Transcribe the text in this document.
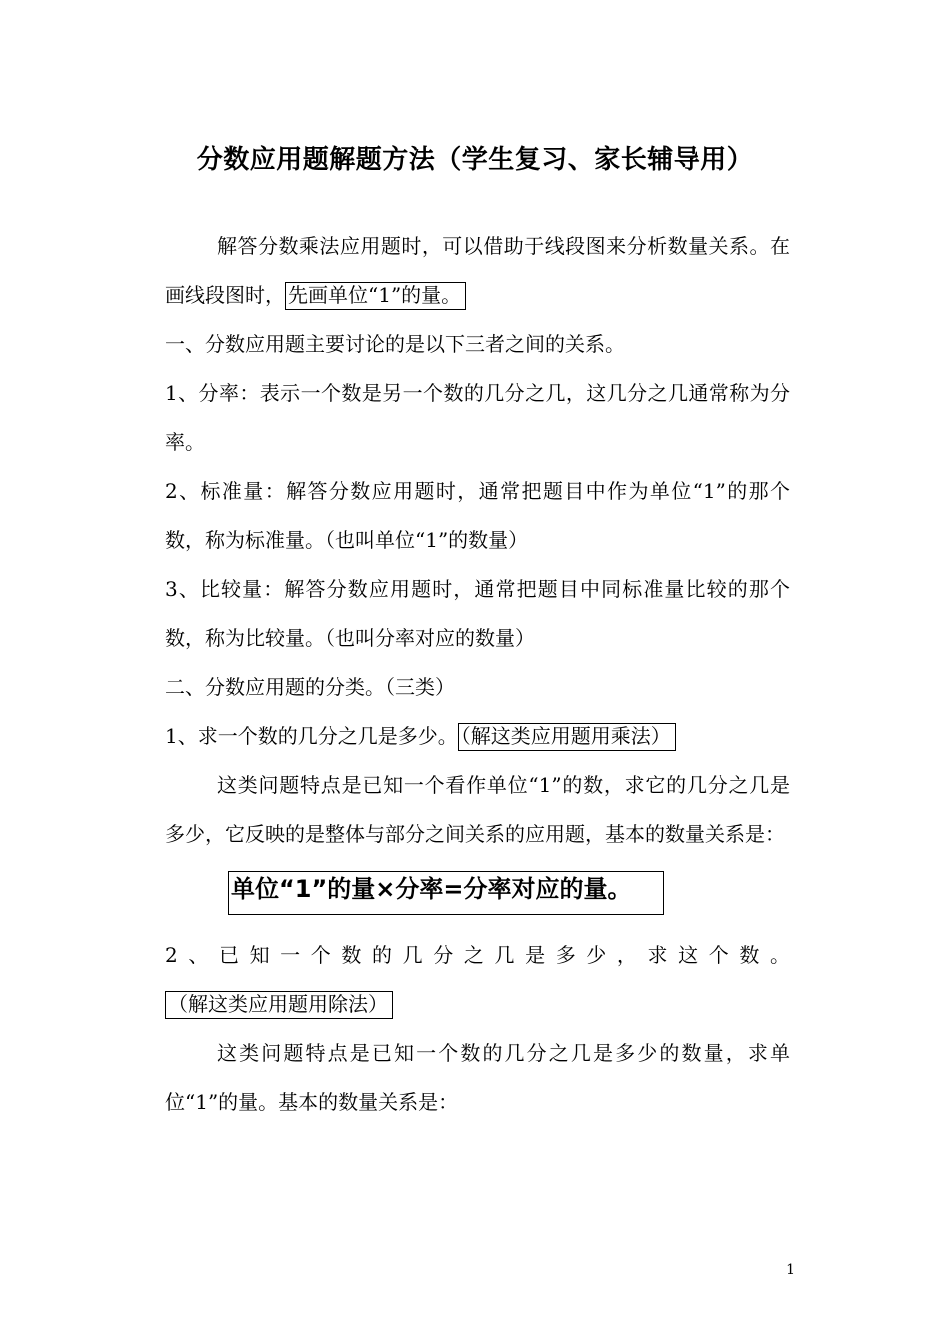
分数应用题解题方法（学生复习、家长辅导用）

解答分数乘法应用题时，可以借助于线段图来分析数量关系。在画线段图时， 先画单位“1”的量。

一、分数应用题主要讨论的是以下三者之间的关系。

1、分率：表示一个数是另一个数的几分之几，这几分之几通常称为分率。

2、标准量：解答分数应用题时，通常把题目中作为单位“1”的那个数，称为标准量。（也叫单位“1”的数量）

3、比较量：解答分数应用题时，通常把题目中同标准量比较的那个数，称为比较量。（也叫分率对应的数量）

二、分数应用题的分类。（三类）

1、求一个数的几分之几是多少。 （解这类应用题用乘法）

这类问题特点是已知一个看作单位“1”的数，求它的几分之几是多少，它反映的是整体与部分之间关系的应用题，基本的数量关系是：

单位“1”的量×分率=分率对应的量。

2、已知一个数的几分之几是多少，求这个数。（解这类应用题用除法）

这类问题特点是已知一个数的几分之几是多少的数量，求单位“1”的量。基本的数量关系是：

1
